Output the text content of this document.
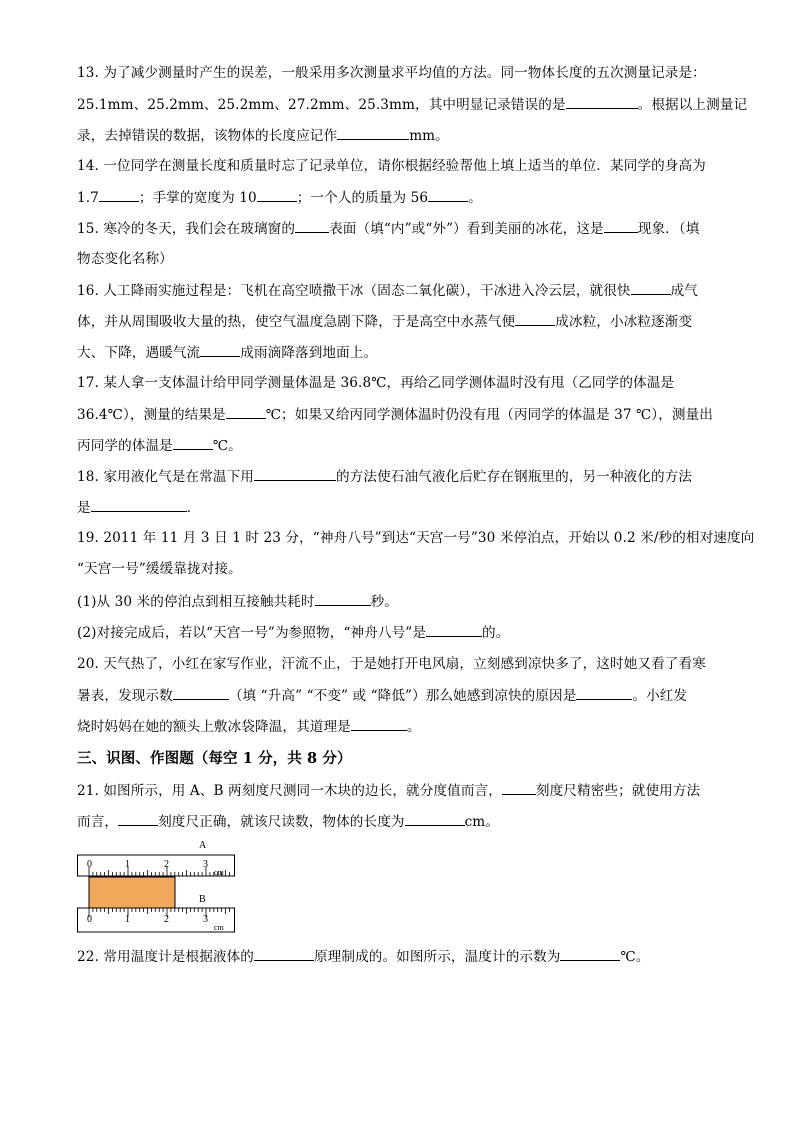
13. 为了减少测量时产生的误差，一般采用多次测量求平均值的方法。同一物体长度的五次测量记录是：
25.1mm、25.2mm、25.2mm、27.2mm、25.3mm，其中明显记录错误的是	。根据以上测量记
录，去掉错误的数据，该物体的长度应记作	mm。
14. 一位同学在测量长度和质量时忘了记录单位，请你根据经验帮他上填上适当的单位．某同学的身高为
1.7	；手掌的宽度为 10	；一个人的质量为 56	。
15. 寒冷的冬天，我们会在玻璃窗的	表面（填“内”或“外”）看到美丽的冰花，这是	现象．（填
物态变化名称）
16. 人工降雨实施过程是：飞机在高空喷撒干冰（固态二氧化碳），干冰进入冷云层，就很快	成气
体，并从周围吸收大量的热，使空气温度急剧下降，于是高空中水蒸气便	成冰粒，小冰粒逐渐变
大、下降，遇暖气流	成雨滴降落到地面上。
17. 某人拿一支体温计给甲同学测量体温是 36.8℃，再给乙同学测体温时没有甩（乙同学的体温是
36.4℃），测量的结果是	℃；如果又给丙同学测体温时仍没有甩（丙同学的体温是 37 ℃），测量出
丙同学的体温是	℃。
18. 家用液化气是在常温下用	的方法使石油气液化后贮存在钢瓶里的，另一种液化的方法
是	．
19. 2011 年 11 月 3 日 1 时 23 分，“神舟八号”到达“天宫一号”30 米停泊点，开始以 0.2 米/秒的相对速度向
“天宫一号”缓缓靠拢对接。
(1)从 30 米的停泊点到相互接触共耗时	秒。
(2)对接完成后，若以“天宫一号”为参照物，“神舟八号”是	的。
20. 天气热了，小红在家写作业，汗流不止，于是她打开电风扇，立刻感到凉快多了，这时她又看了看寒
暑表，发现示数	（填 “升高” “不变” 或 “降低”）那么她感到凉快的原因是	。小红发
烧时妈妈在她的额头上敷冰袋降温，其道理是	。
三、识图、作图题（每空 1 分，共 8 分）
21. 如图所示，用 A、B 两刻度尺测同一木块的边长，就分度值而言，	刻度尺精密些；就使用方法
而言，	刻度尺正确，就该尺读数，物体的长度为	cm。
A
0	1	2	3
cm
B
0	1	2	3
cm
22. 常用温度计是根据液体的	原理制成的。如图所示，温度计的示数为	℃。
